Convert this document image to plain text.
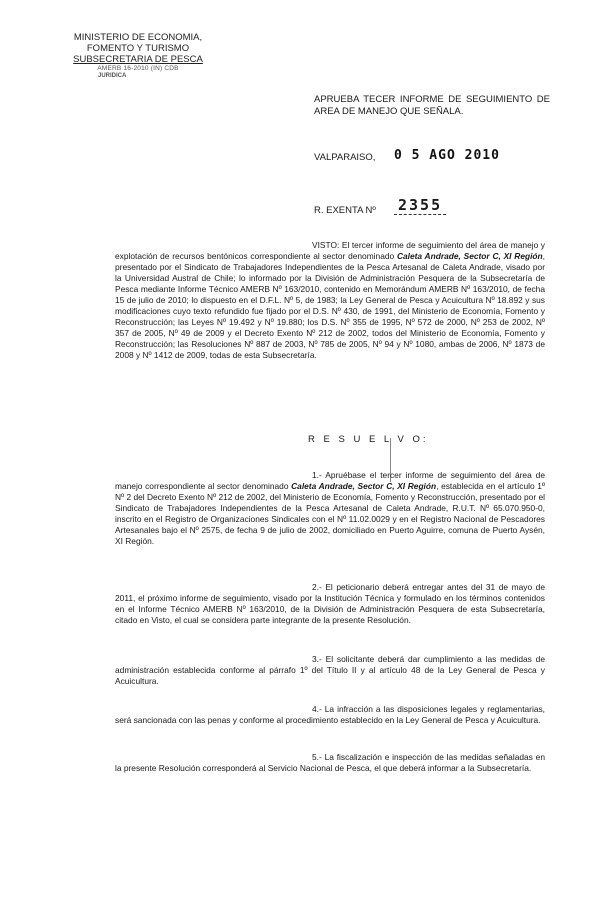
MINISTERIO DE ECONOMIA,
FOMENTO Y TURISMO
SUBSECRETARIA DE PESCA
AMERB 16-2010 (IN) CDB
JURIDICA
APRUEBA TECER INFORME DE SEGUIMIENTO DE AREA DE MANEJO QUE SEÑALA.
VALPARAISO, 0 5 AGO 2010
R. EXENTA Nº 2355
VISTO: El tercer informe de seguimiento del área de manejo y explotación de recursos bentónicos correspondiente al sector denominado Caleta Andrade, Sector C, XI Región, presentado por el Sindicato de Trabajadores Independientes de la Pesca Artesanal de Caleta Andrade, visado por la Universidad Austral de Chile; lo informado por la División de Administración Pesquera de la Subsecretaría de Pesca mediante Informe Técnico AMERB Nº 163/2010, contenido en Memorándum AMERB Nº 163/2010, de fecha 15 de julio de 2010; lo dispuesto en el D.F.L. Nº 5, de 1983; la Ley General de Pesca y Acuicultura Nº 18.892 y sus modificaciones cuyo texto refundido fue fijado por el D.S. Nº 430, de 1991, del Ministerio de Economía, Fomento y Reconstrucción; las Leyes Nº 19.492 y Nº 19.880; los D.S. Nº 355 de 1995, Nº 572 de 2000, Nº 253 de 2002, Nº 357 de 2005, Nº 49 de 2009 y el Decreto Exento Nº 212 de 2002, todos del Ministerio de Economía, Fomento y Reconstrucción; las Resoluciones Nº 887 de 2003, Nº 785 de 2005, Nº 94 y Nº 1080, ambas de 2006, Nº 1873 de 2008 y Nº 1412 de 2009, todas de esta Subsecretaría.
R E S U E L V O:
1.- Apruébase el tercer informe de seguimiento del área de manejo correspondiente al sector denominado Caleta Andrade, Sector C, XI Región, establecida en el artículo 1º Nº 2 del Decreto Exento Nº 212 de 2002, del Ministerio de Economía, Fomento y Reconstrucción, presentado por el Sindicato de Trabajadores Independientes de la Pesca Artesanal de Caleta Andrade, R.U.T. Nº 65.070.950-0, inscrito en el Registro de Organizaciones Sindicales con el Nº 11.02.0029 y en el Registro Nacional de Pescadores Artesanales bajo el Nº 2575, de fecha 9 de julio de 2002, domiciliado en Puerto Aguirre, comuna de Puerto Aysén, XI Región.
2.- El peticionario deberá entregar antes del 31 de mayo de 2011, el próximo informe de seguimiento, visado por la Institución Técnica y formulado en los términos contenidos en el Informe Técnico AMERB Nº 163/2010, de la División de Administración Pesquera de esta Subsecretaría, citado en Visto, el cual se considera parte integrante de la presente Resolución.
3.- El solicitante deberá dar cumplimiento a las medidas de administración establecida conforme al párrafo 1º del Título II y al artículo 48 de la Ley General de Pesca y Acuicultura.
4.- La infracción a las disposiciones legales y reglamentarias, será sancionada con las penas y conforme al procedimiento establecido en la Ley General de Pesca y Acuicultura.
5.- La fiscalización e inspección de las medidas señaladas en la presente Resolución corresponderá al Servicio Nacional de Pesca, el que deberá informar a la Subsecretaría.
